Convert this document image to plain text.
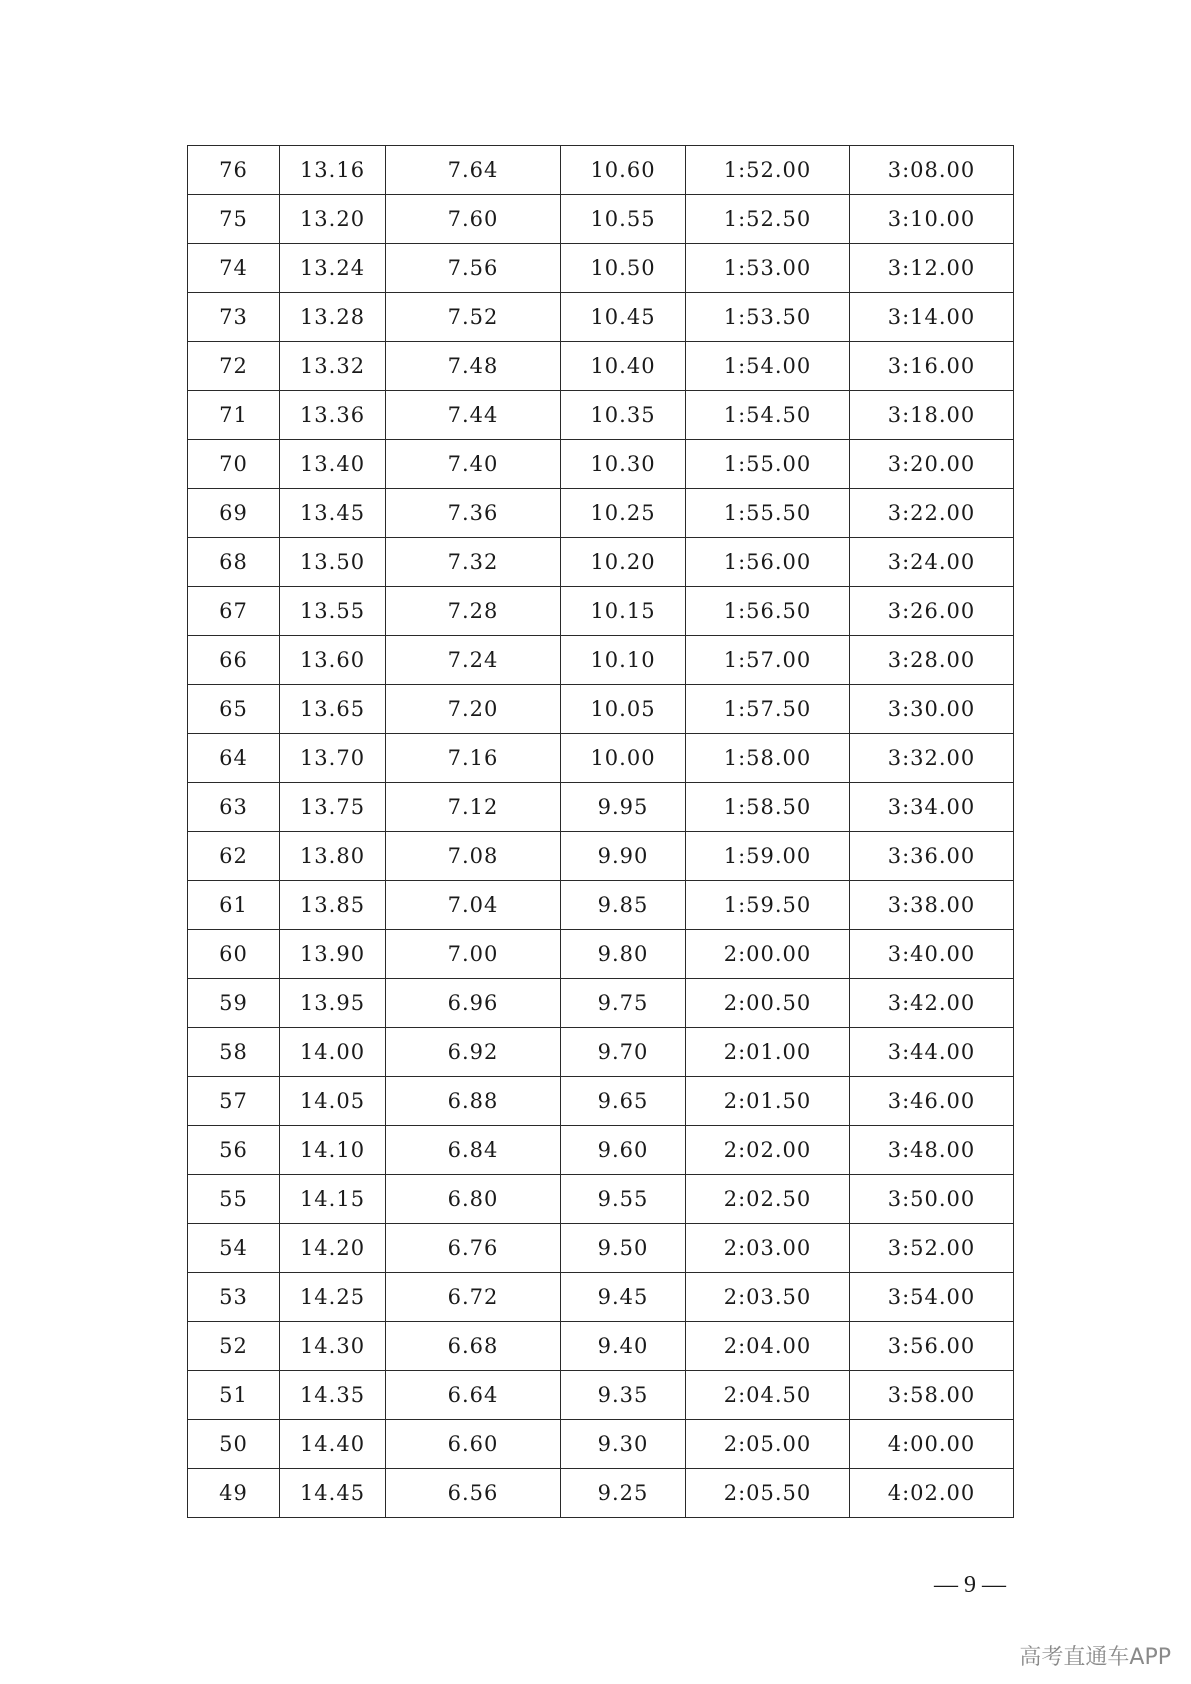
76	13.16	7.64	10.60	1:52.00	3:08.00
75	13.20	7.60	10.55	1:52.50	3:10.00
74	13.24	7.56	10.50	1:53.00	3:12.00
73	13.28	7.52	10.45	1:53.50	3:14.00
72	13.32	7.48	10.40	1:54.00	3:16.00
71	13.36	7.44	10.35	1:54.50	3:18.00
70	13.40	7.40	10.30	1:55.00	3:20.00
69	13.45	7.36	10.25	1:55.50	3:22.00
68	13.50	7.32	10.20	1:56.00	3:24.00
67	13.55	7.28	10.15	1:56.50	3:26.00
66	13.60	7.24	10.10	1:57.00	3:28.00
65	13.65	7.20	10.05	1:57.50	3:30.00
64	13.70	7.16	10.00	1:58.00	3:32.00
63	13.75	7.12	9.95	1:58.50	3:34.00
62	13.80	7.08	9.90	1:59.00	3:36.00
61	13.85	7.04	9.85	1:59.50	3:38.00
60	13.90	7.00	9.80	2:00.00	3:40.00
59	13.95	6.96	9.75	2:00.50	3:42.00
58	14.00	6.92	9.70	2:01.00	3:44.00
57	14.05	6.88	9.65	2:01.50	3:46.00
56	14.10	6.84	9.60	2:02.00	3:48.00
55	14.15	6.80	9.55	2:02.50	3:50.00
54	14.20	6.76	9.50	2:03.00	3:52.00
53	14.25	6.72	9.45	2:03.50	3:54.00
52	14.30	6.68	9.40	2:04.00	3:56.00
51	14.35	6.64	9.35	2:04.50	3:58.00
50	14.40	6.60	9.30	2:05.00	4:00.00
49	14.45	6.56	9.25	2:05.50	4:02.00
— 9 —
高考直通车APP
